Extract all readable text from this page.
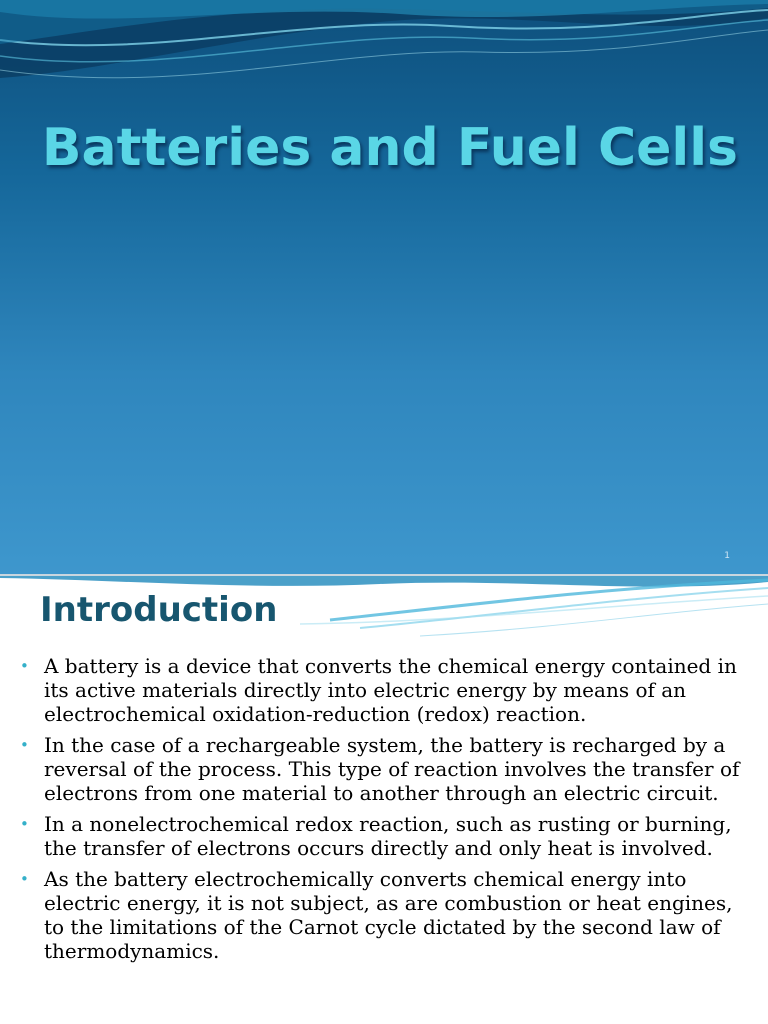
Batteries and Fuel Cells
1
Introduction
• A battery is a device that converts the chemical energy contained in its active materials directly into electric energy by means of an electrochemical oxidation-reduction (redox) reaction.
• In the case of a rechargeable system, the battery is recharged by a reversal of the process. This type of reaction involves the transfer of electrons from one material to another through an electric circuit.
• In a nonelectrochemical redox reaction, such as rusting or burning, the transfer of electrons occurs directly and only heat is involved.
• As the battery electrochemically converts chemical energy into electric energy, it is not subject, as are combustion or heat engines, to the limitations of the Carnot cycle dictated by the second law of thermodynamics.
